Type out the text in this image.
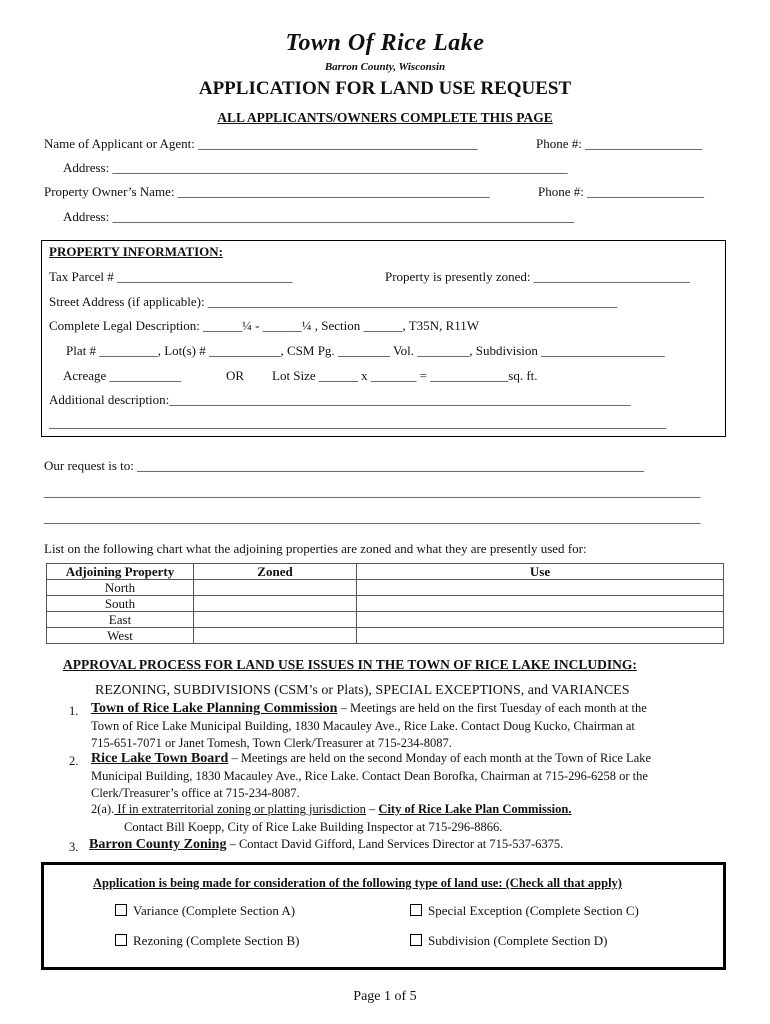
Town Of Rice Lake
Barron County, Wisconsin
APPLICATION FOR LAND USE REQUEST
ALL APPLICANTS/OWNERS COMPLETE THIS PAGE
Name of Applicant or Agent: ___________________________________________	Phone #: __________________
Address: ______________________________________________________________________
Property Owner’s Name: ________________________________________________	Phone #: __________________
Address: _______________________________________________________________________
PROPERTY INFORMATION:
Tax Parcel # ___________________________	Property is presently zoned: ________________________
Street Address (if applicable): _______________________________________________________________
Complete Legal Description: ______¼ - ______¼ , Section ______, T35N, R11W
Plat # _________, Lot(s) # ___________, CSM Pg. ________ Vol. ________, Subdivision ___________________
Acreage ___________	OR Lot Size ______ x _______ = ____________sq. ft.
Additional description:_______________________________________________________________________
_______________________________________________________________________________________________
Our request is to: ______________________________________________________________________________
_____________________________________________________________________________________________________
_____________________________________________________________________________________________________
List on the following chart what the adjoining properties are zoned and what they are presently used for:
Adjoining Property	Zoned	Use
North		
South		
East		
West		
APPROVAL PROCESS FOR LAND USE ISSUES IN THE TOWN OF RICE LAKE INCLUDING:
REZONING, SUBDIVISIONS (CSM’s or Plats), SPECIAL EXCEPTIONS, and VARIANCES
1. Town of Rice Lake Planning Commission – Meetings are held on the first Tuesday of each month at the
Town of Rice Lake Municipal Building, 1830 Macauley Ave., Rice Lake. Contact Doug Kucko, Chairman at
715-651-7071 or Janet Tomesh, Town Clerk/Treasurer at 715-234-8087.
2. Rice Lake Town Board – Meetings are held on the second Monday of each month at the Town of Rice Lake
Municipal Building, 1830 Macauley Ave., Rice Lake. Contact Dean Borofka, Chairman at 715-296-6258 or the
Clerk/Treasurer’s office at 715-234-8087.
2(a). If in extraterritorial zoning or platting jurisdiction – City of Rice Lake Plan Commission.
Contact Bill Koepp, City of Rice Lake Building Inspector at 715-296-8866.
3. Barron County Zoning – Contact David Gifford, Land Services Director at 715-537-6375.
Application is being made for consideration of the following type of land use: (Check all that apply)
Variance (Complete Section A)	Special Exception (Complete Section C)
Rezoning (Complete Section B)	Subdivision (Complete Section D)
Page 1 of 5
